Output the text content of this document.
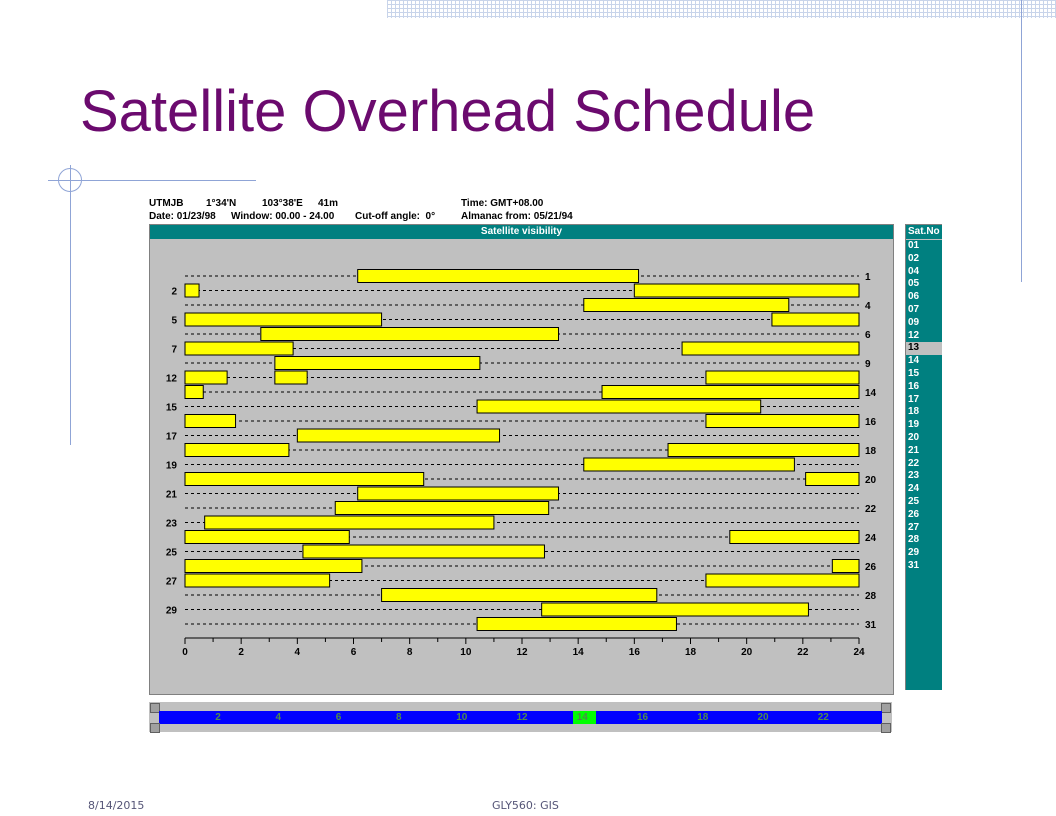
Satellite Overhead Schedule
UTMJB 1°34'N	103°38'E 41m	Time: GMT+08.00
Date: 01/23/98 Window: 00.00 - 24.00 Cut-off angle:  0°	Almanac from: 05/21/94
Satellite visibility
0	2	4	6	8	10	12	14	16	18	20	22	24
2
5
7
12
15
17
19
21
23
25
27
29
1
4
6
9
14
16
18
20
22
24
26
28
31
Sat.No
01
02
04
05
06
07
09
12
13
14
15
16
17
18
19
20
21
22
23
24
25
26
27
28
29
31
2	4	6	8	10	12	14	16	18	20	22
8/14/2015	GLY560: GIS
